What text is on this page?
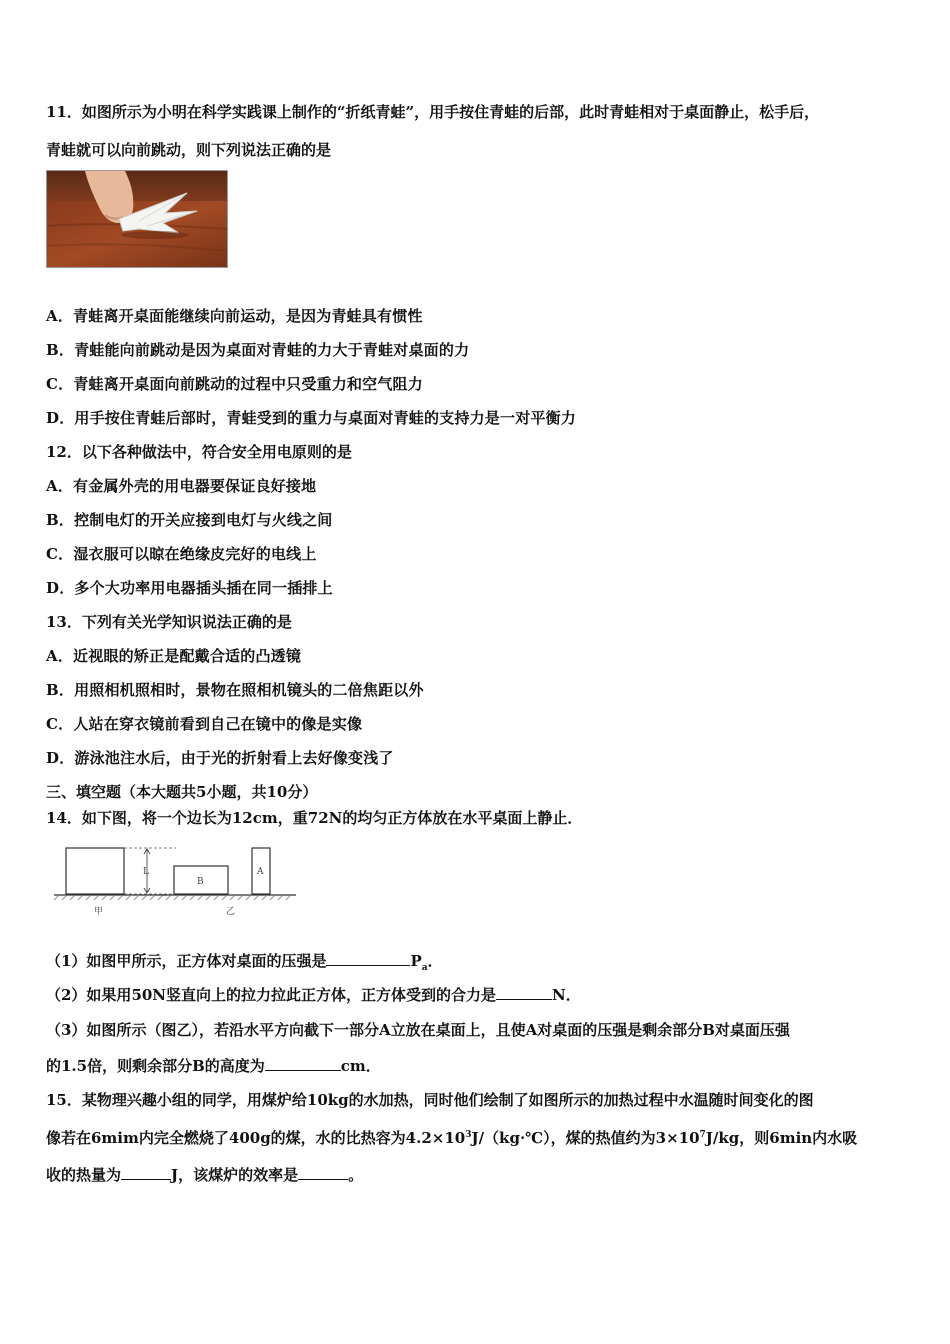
11．如图所示为小明在科学实践课上制作的“折纸青蛙”，用手按住青蛙的后部，此时青蛙相对于桌面静止，松手后，
青蛙就可以向前跳动，则下列说法正确的是
A．青蛙离开桌面能继续向前运动，是因为青蛙具有惯性
B．青蛙能向前跳动是因为桌面对青蛙的力大于青蛙对桌面的力
C．青蛙离开桌面向前跳动的过程中只受重力和空气阻力
D．用手按住青蛙后部时，青蛙受到的重力与桌面对青蛙的支持力是一对平衡力
12．以下各种做法中，符合安全用电原则的是
A．有金属外壳的用电器要保证良好接地
B．控制电灯的开关应接到电灯与火线之间
C．湿衣服可以晾在绝缘皮完好的电线上
D．多个大功率用电器插头插在同一插排上
13．下列有关光学知识说法正确的是
A．近视眼的矫正是配戴合适的凸透镜
B．用照相机照相时，景物在照相机镜头的二倍焦距以外
C．人站在穿衣镜前看到自己在镜中的像是实像
D．游泳池注水后，由于光的折射看上去好像变浅了
三、填空题（本大题共5小题，共10分）
14．如下图，将一个边长为12cm，重72N的均匀正方体放在水平桌面上静止．
L
甲
B
A
乙
（1）如图甲所示，正方体对桌面的压强是	$P_a$．
（2）如果用50N竖直向上的拉力拉此正方体，正方体受到的合力是	N．
（3）如图所示（图乙），若沿水平方向截下一部分A立放在桌面上，且使A对桌面的压强是剩余部分B对桌面压强
的1.5倍，则剩余部分B的高度为	cm．
15．某物理兴趣小组的同学，用煤炉给10kg的水加热，同时他们绘制了如图所示的加热过程中水温随时间变化的图
像若在6mim内完全燃烧了400g的煤，水的比热容为$4.2\times 10^3J/(kg\cdot℃)$，煤的热值约为$3\times 10^7J/kg$，则6min内水吸
收的热量为	J，该煤炉的效率是	。
